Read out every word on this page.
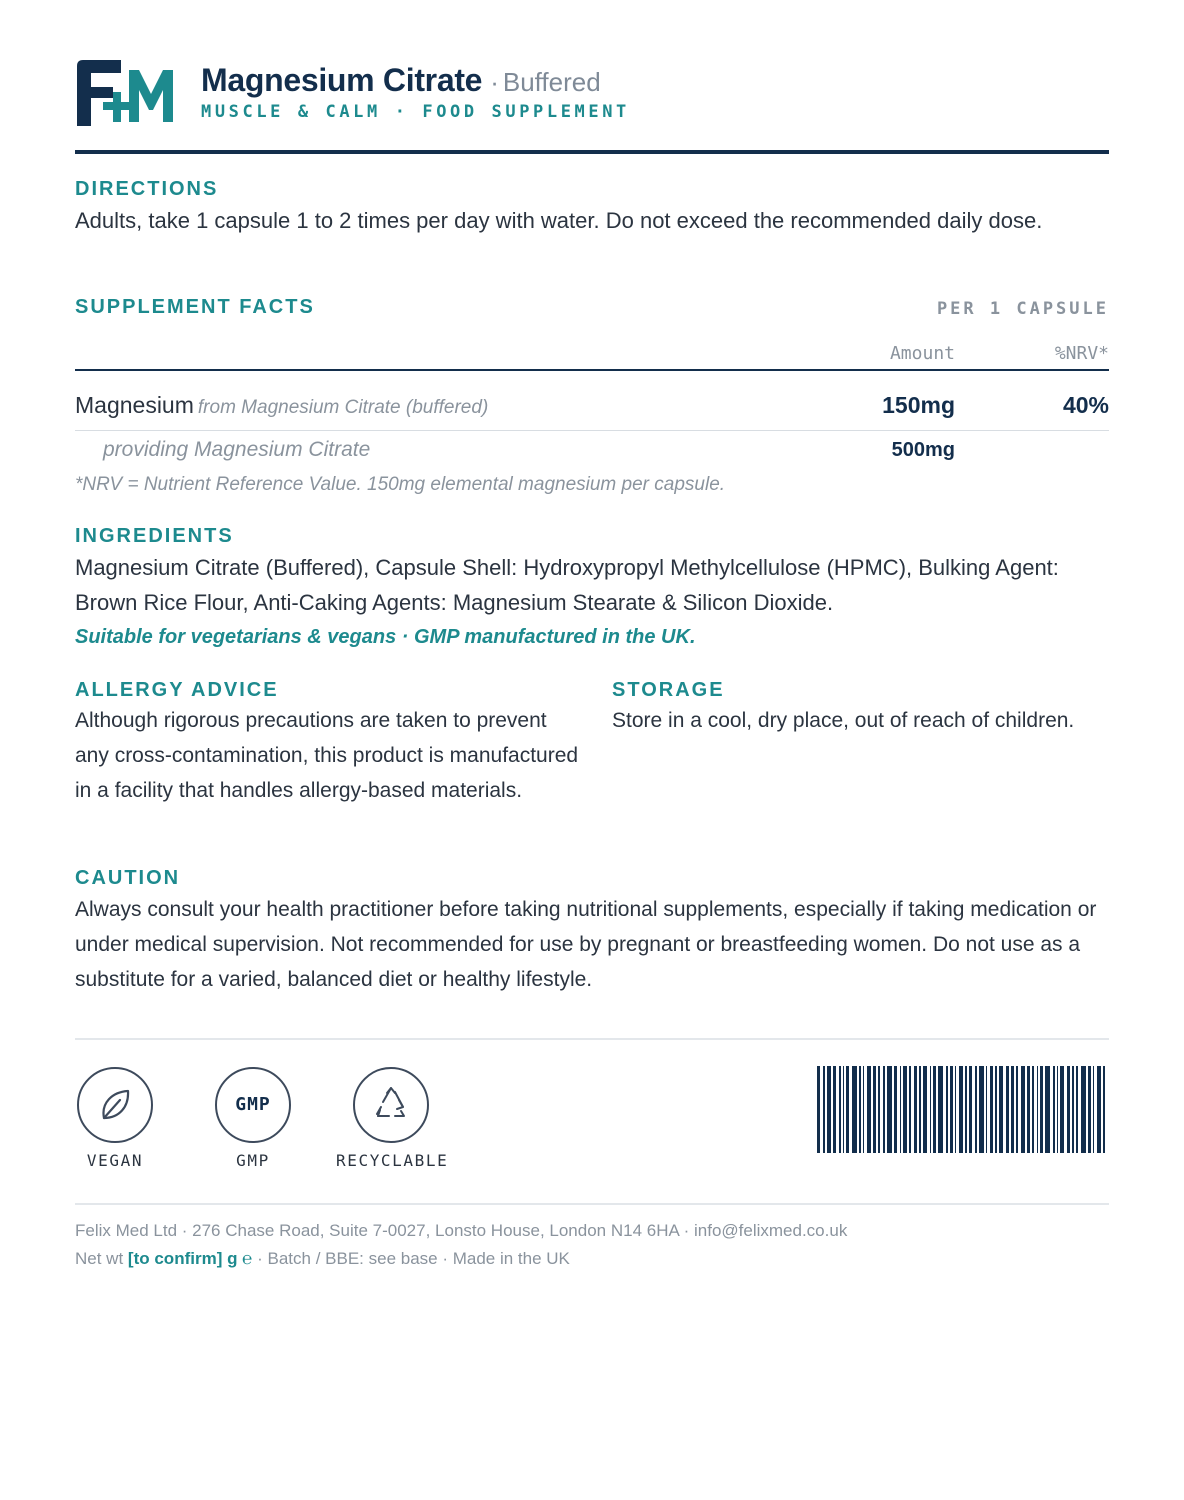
Magnesium Citrate · Buffered
MUSCLE & CALM · FOOD SUPPLEMENT
DIRECTIONS
Adults, take 1 capsule 1 to 2 times per day with water. Do not exceed the recommended daily dose.
SUPPLEMENT FACTS	PER 1 CAPSULE
Amount	%NRV*
Magnesium from Magnesium Citrate (buffered)	150mg	40%
providing Magnesium Citrate	500mg
*NRV = Nutrient Reference Value. 150mg elemental magnesium per capsule.
INGREDIENTS
Magnesium Citrate (Buffered), Capsule Shell: Hydroxypropyl Methylcellulose (HPMC), Bulking Agent: Brown Rice Flour, Anti-Caking Agents: Magnesium Stearate & Silicon Dioxide.
Suitable for vegetarians & vegans · GMP manufactured in the UK.
ALLERGY ADVICE
Although rigorous precautions are taken to prevent any cross-contamination, this product is manufactured in a facility that handles allergy-based materials.
STORAGE
Store in a cool, dry place, out of reach of children.
CAUTION
Always consult your health practitioner before taking nutritional supplements, especially if taking medication or under medical supervision. Not recommended for use by pregnant or breastfeeding women. Do not use as a substitute for a varied, balanced diet or healthy lifestyle.
VEGAN
GMP
GMP	RECYCLABLE
Felix Med Ltd · 276 Chase Road, Suite 7-0027, Lonsto House, London N14 6HA · info@felixmed.co.uk
Net wt [to confirm] g ℮ · Batch / BBE: see base · Made in the UK
